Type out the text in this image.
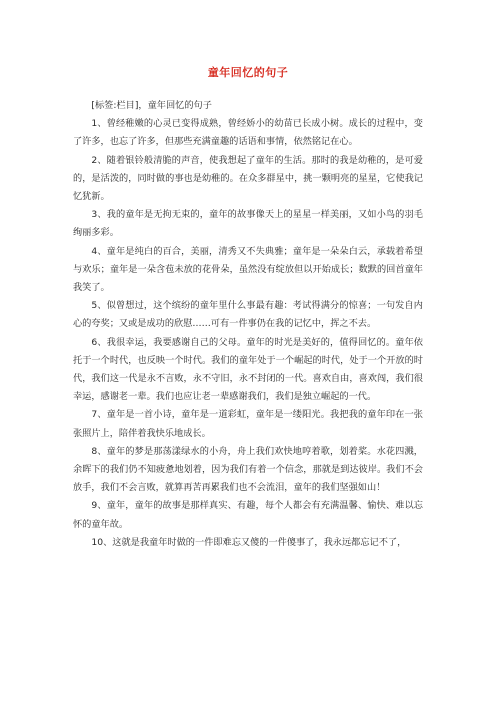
童年回忆的句子

[标签:栏目]，童年回忆的句子

1、曾经稚嫩的心灵已变得成熟，曾经娇小的幼苗已长成小树。成长的过程中，变了许多，也忘了许多，但那些充满童趣的话语和事情，依然铭记在心。

2、随着银铃般清脆的声音，使我想起了童年的生活。那时的我是幼稚的，是可爱的，是活泼的，同时做的事也是幼稚的。在众多群星中，挑一颗明亮的星星，它使我记忆犹新。

3、我的童年是无拘无束的，童年的故事像天上的星星一样美丽，又如小鸟的羽毛绚丽多彩。

4、童年是纯白的百合，美丽，清秀又不失典雅；童年是一朵朵白云，承载着希望与欢乐；童年是一朵含苞未放的花骨朵，虽然没有绽放但以开始成长；数默的回首童年我笑了。

5、似曾想过，这个缤纷的童年里什么事最有趣：考试得满分的惊喜；一句发自内心的夸奖；又或是成功的欣慰……可有一件事仍在我的记忆中，挥之不去。

6、我很幸运，我要感谢自己的父母。童年的时光是美好的，值得回忆的。童年依托于一个时代，也反映一个时代。我们的童年处于一个崛起的时代，处于一个开放的时代，我们这一代是永不言败，永不守旧，永不封闭的一代。喜欢自由，喜欢闯，我们很幸运，感谢老一辈。我们也应让老一辈感谢我们，我们是独立崛起的一代。

7、童年是一首小诗，童年是一道彩虹，童年是一缕阳光。我把我的童年印在一张张照片上，陪伴着我快乐地成长。

8、童年的梦是那荡漾绿水的小舟，舟上我们欢快地哼着歌，划着桨。水花四溅，余晖下的我们仍不知疲惫地划着，因为我们有着一个信念，那就是到达彼岸。我们不会放手，我们不会言败，就算再苦再累我们也不会流泪，童年的我们坚强如山！

9、童年，童年的故事是那样真实、有趣，每个人都会有充满温馨、愉快、难以忘怀的童年故。

10、这就是我童年时做的一件即难忘又傻的一件傻事了，我永远都忘记不了，
